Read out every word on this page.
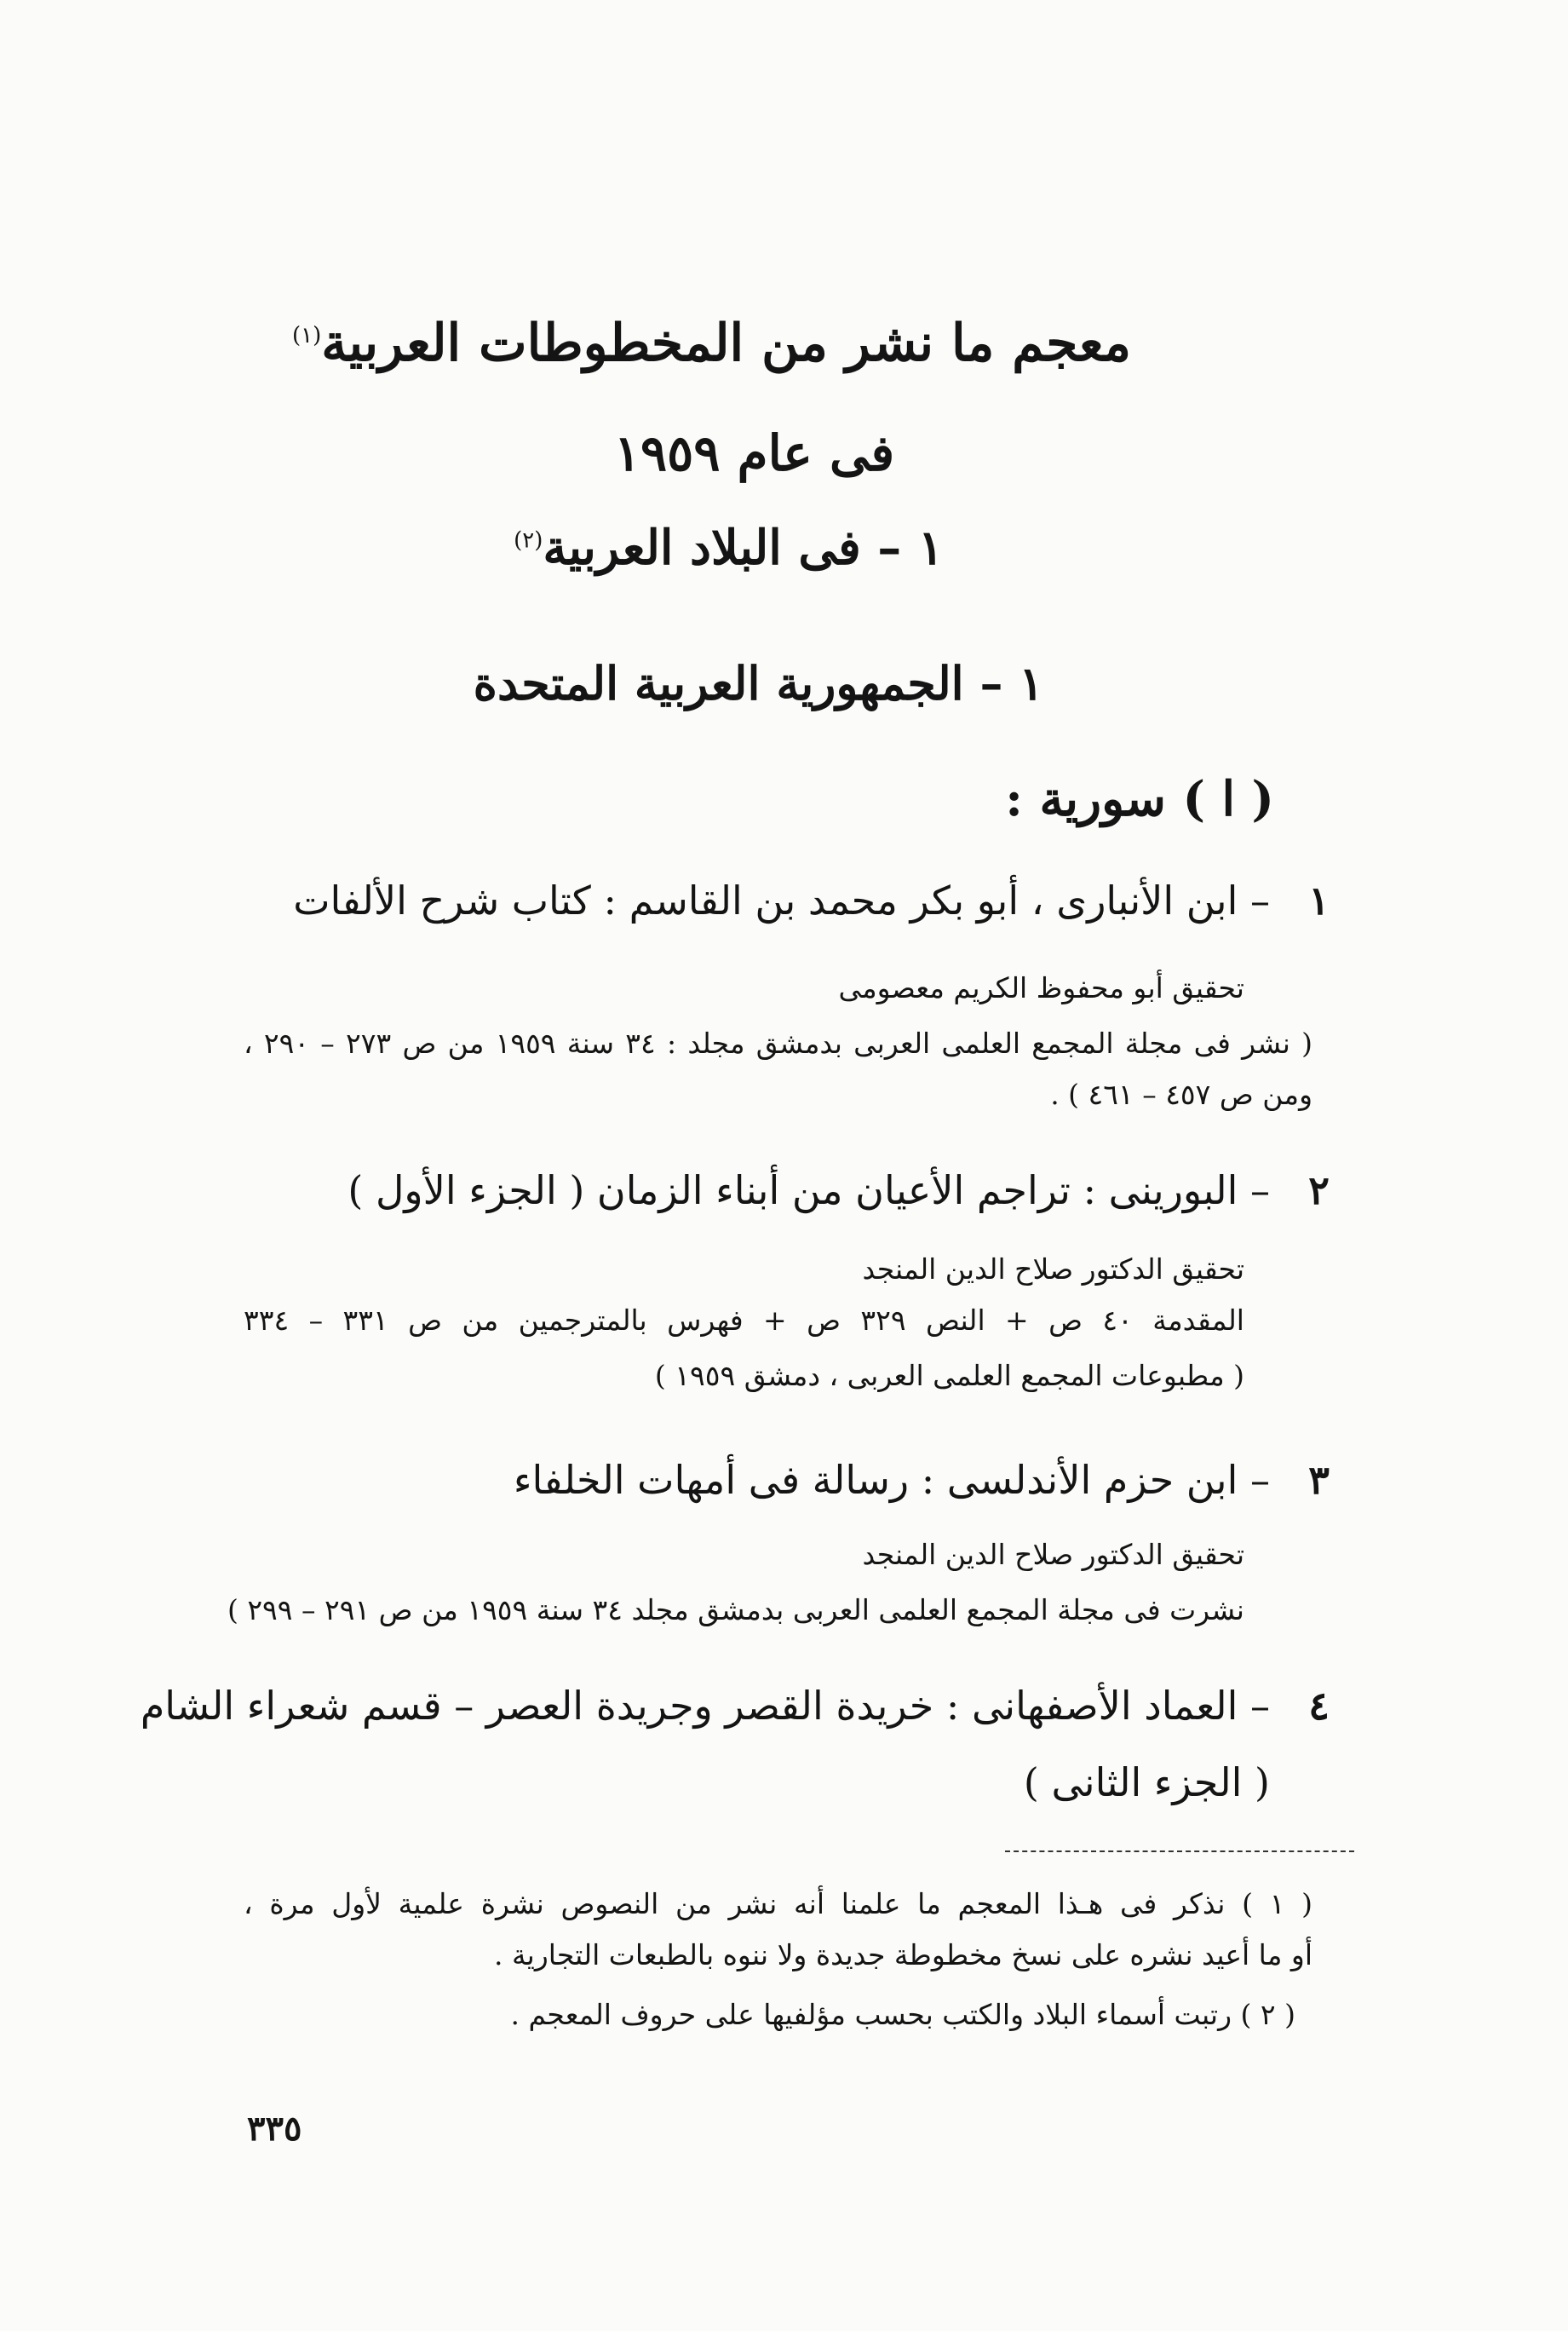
معجم ما نشر من المخطوطات العربية$^{(١)}$
فى عام ١٩٥٩
١ – فى البلاد العربية$^{(٢)}$
١ – الجمهورية العربية المتحدة
( ا ) سورية :
١– ابن الأنبارى ، أبو بكر محمد بن القاسم : كتاب شرح الألفات
تحقيق أبو محفوظ الكريم معصومى
( نشر فى مجلة المجمع العلمى العربى بدمشق مجلد : ٣٤ سنة ١٩٥٩ من ص ٢٧٣ – ٢٩٠ ،
ومن ص ٤٥٧ – ٤٦١ ) .
٢– البورينى : تراجم الأعيان من أبناء الزمان ( الجزء الأول )
تحقيق الدكتور صلاح الدين المنجد
المقدمة ٤٠ ص + النص ٣٢٩ ص + فهرس بالمترجمين من ص ٣٣١ – ٣٣٤
( مطبوعات المجمع العلمى العربى ، دمشق ١٩٥٩ )
٣– ابن حزم الأندلسى : رسالة فى أمهات الخلفاء
تحقيق الدكتور صلاح الدين المنجد
نشرت فى مجلة المجمع العلمى العربى بدمشق مجلد ٣٤ سنة ١٩٥٩ من ص ٢٩١ – ٢٩٩ )
٤– العماد الأصفهانى : خريدة القصر وجريدة العصر – قسم شعراء الشام
( الجزء الثانى )
( ١ ) نذكر فى هـذا المعجم ما علمنا أنه نشر من النصوص نشرة علمية لأول مرة ،
أو ما أعيد نشره على نسخ مخطوطة جديدة ولا ننوه بالطبعات التجارية .
( ٢ ) رتبت أسماء البلاد والكتب بحسب مؤلفيها على حروف المعجم .
٣٣٥
